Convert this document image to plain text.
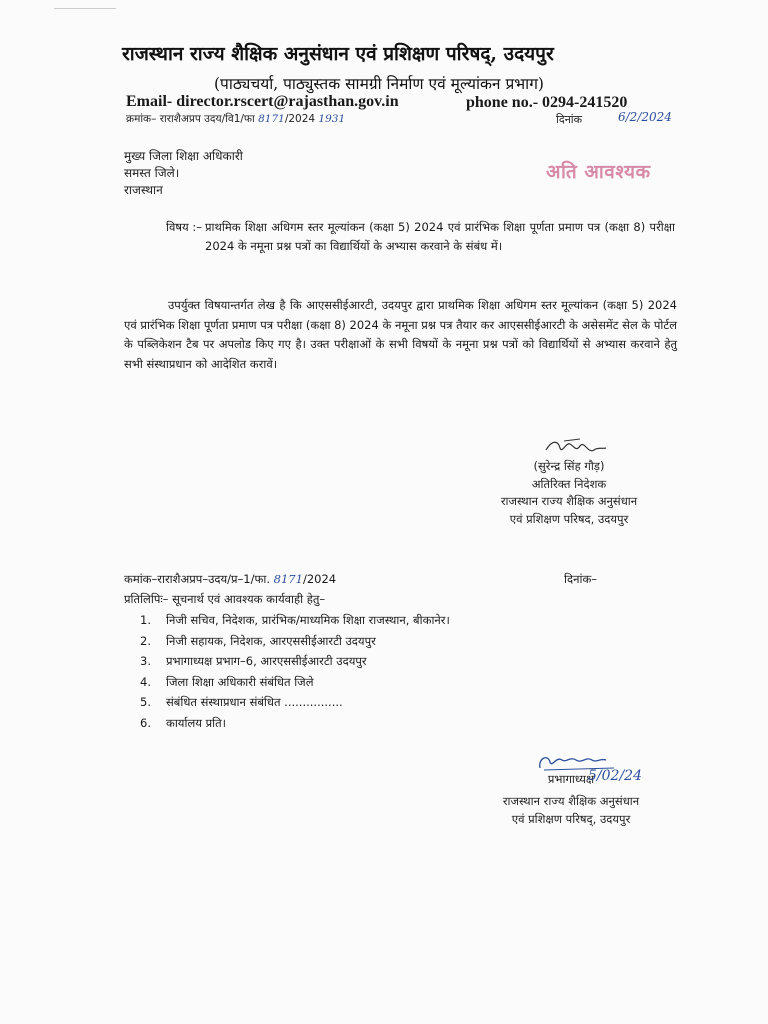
राजस्थान राज्य शैक्षिक अनुसंधान एवं प्रशिक्षण परिषद्, उदयपुर
(पाठ्यचर्या, पाठ्युस्तक सामग्री निर्माण एवं मूल्यांकन प्रभाग)
Email- director.rscert@rajasthan.gov.in	phone no.- 0294-241520
क्रमांक– राराशैअप्रप उदय/वि1/फा 8171/2024 1931	दिनांक	6/2/2024
मुख्य जिला शिक्षा अधिकारी
समस्त जिले।
राजस्थान
अति आवश्यक
विषय :– प्राथमिक शिक्षा अधिगम स्तर मूल्यांकन (कक्षा 5) 2024 एवं प्रारंभिक शिक्षा पूर्णता प्रमाण पत्र (कक्षा 8) परीक्षा 2024 के नमूना प्रश्न पत्रों का विद्यार्थियों के अभ्यास करवाने के संबंध में।
उपर्युक्त विषयान्तर्गत लेख है कि आएससीईआरटी, उदयपुर द्वारा प्राथमिक शिक्षा अधिगम स्तर मूल्यांकन (कक्षा 5) 2024 एवं प्रारंभिक शिक्षा पूर्णता प्रमाण पत्र परीक्षा (कक्षा 8) 2024 के नमूना प्रश्न पत्र तैयार कर आएससीईआरटी के असेसमेंट सेल के पोर्टल के पब्लिकेशन टैब पर अपलोड किए गए है। उक्त परीक्षाओं के सभी विषयों के नमूना प्रश्न पत्रों को विद्यार्थियों से अभ्यास करवाने हेतु सभी संस्थाप्रधान को आदेशित करावें।
(सुरेन्द्र सिंह गौड़)
अतिरिक्त निदेशक
राजस्थान राज्य शैक्षिक अनुसंधान
एवं प्रशिक्षण परिषद, उदयपुर
कमांक–राराशैअप्रप–उदय/प्र–1/फा. 8171/2024	दिनांक–
प्रतिलिपिः– सूचनार्थ एवं आवश्यक कार्यवाही हेतु–
1. निजी सचिव, निदेशक, प्रारंभिक/माध्यमिक शिक्षा राजस्थान, बीकानेर।
2. निजी सहायक, निदेशक, आरएससीईआरटी उदयपुर
3. प्रभागाध्यक्ष प्रभाग–6, आरएससीईआरटी उदयपुर
4. जिला शिक्षा अधिकारी संबंधित जिले
5. संबंधित संस्थाप्रधान संबंधित ................
6. कार्यालय प्रति।
प्रभागाध्यक्ष
5/02/24
राजस्थान राज्य शैक्षिक अनुसंधान
एवं प्रशिक्षण परिषद्, उदयपुर
